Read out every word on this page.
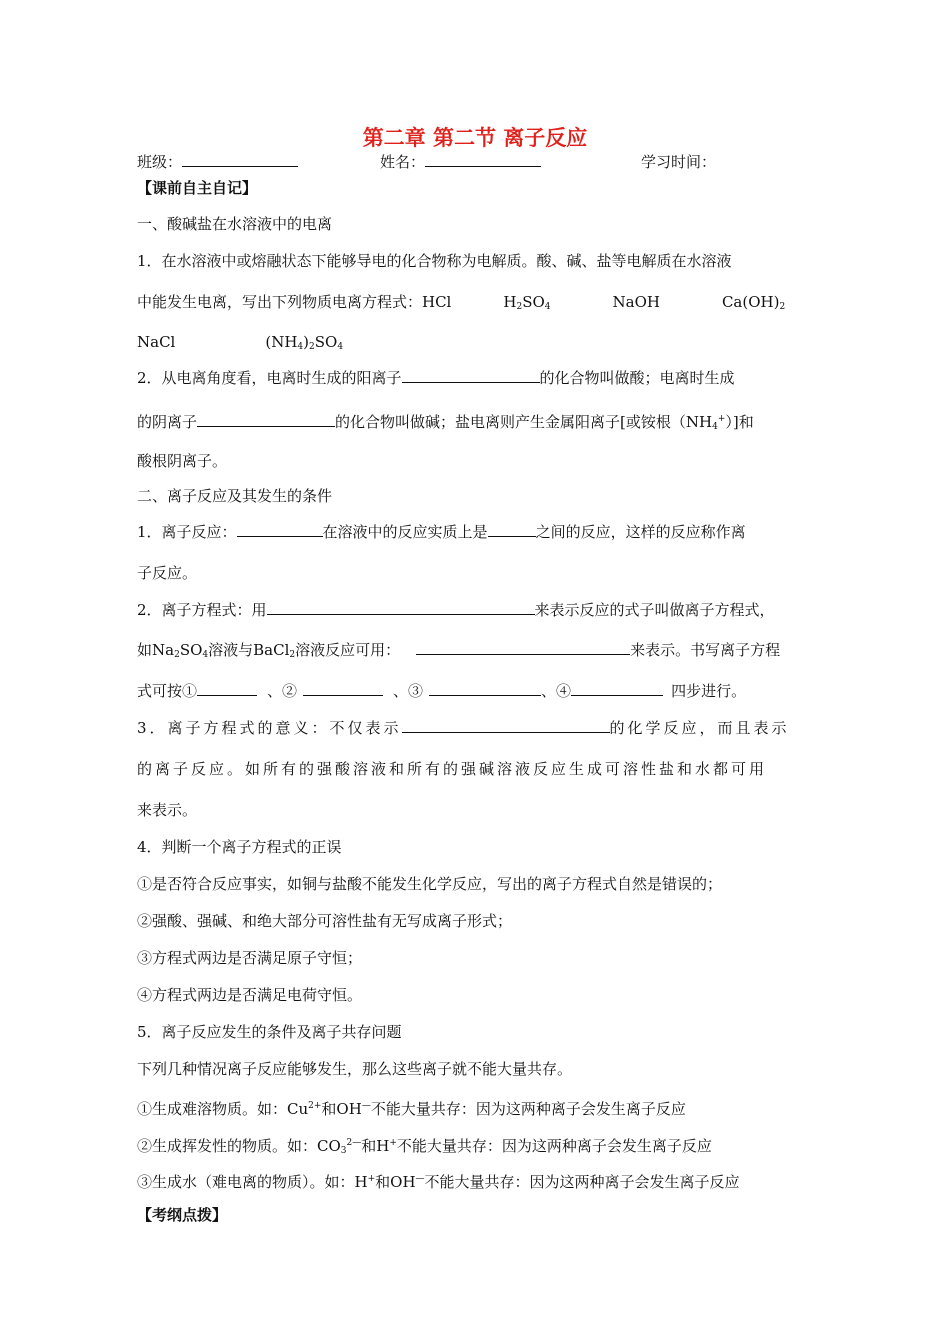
第二章 第二节 离子反应
班级：	姓名：	学习时间：
【课前自主自记】
一、酸碱盐在水溶液中的电离
1．在水溶液中或熔融状态下能够导电的化合物称为电解质。酸、碱、盐等电解质在水溶液
中能发生电离，写出下列物质电离方程式：HCl	$H_2SO_4$	NaOH	$Ca(OH)_2$
NaCl	$(NH_4)_2SO_4$
2．从电离角度看，电离时生成的阳离子	的化合物叫做酸；电离时生成
的阴离子	的化合物叫做碱；盐电离则产生金属阳离子[或铵根$(NH_4^+)$]和
酸根阴离子。
二、离子反应及其发生的条件
1．离子反应：	在溶液中的反应实质上是	之间的反应，这样的反应称作离
子反应。
2．离子方程式：用	来表示反应的式子叫做离子方程式，
如$Na_2SO_4$溶液与BaCl$_2$溶液反应可用：	来表示。书写离子方程
式可按①	、②	、③	、④	四步进行。
3．离子方程式的意义：不仅表示	的化学反应，而且表示
的离子反应。如所有的强酸溶液和所有的强碱溶液反应生成可溶性盐和水都可用
来表示。
4．判断一个离子方程式的正误
①是否符合反应事实，如铜与盐酸不能发生化学反应，写出的离子方程式自然是错误的；
②强酸、强碱、和绝大部分可溶性盐有无写成离子形式；
③方程式两边是否满足原子守恒；
④方程式两边是否满足电荷守恒。
5．离子反应发生的条件及离子共存问题
下列几种情况离子反应能够发生，那么这些离子就不能大量共存。
①生成难溶物质。如：$Cu^{2+}$和OH—不能大量共存：因为这两种离子会发生离子反应
②生成挥发性的物质。如：$CO_3^{2—}$和H+不能大量共存：因为这两种离子会发生离子反应
③生成水（难电离的物质）。如：H+和OH—不能大量共存：因为这两种离子会发生离子反应
【考纲点拨】
